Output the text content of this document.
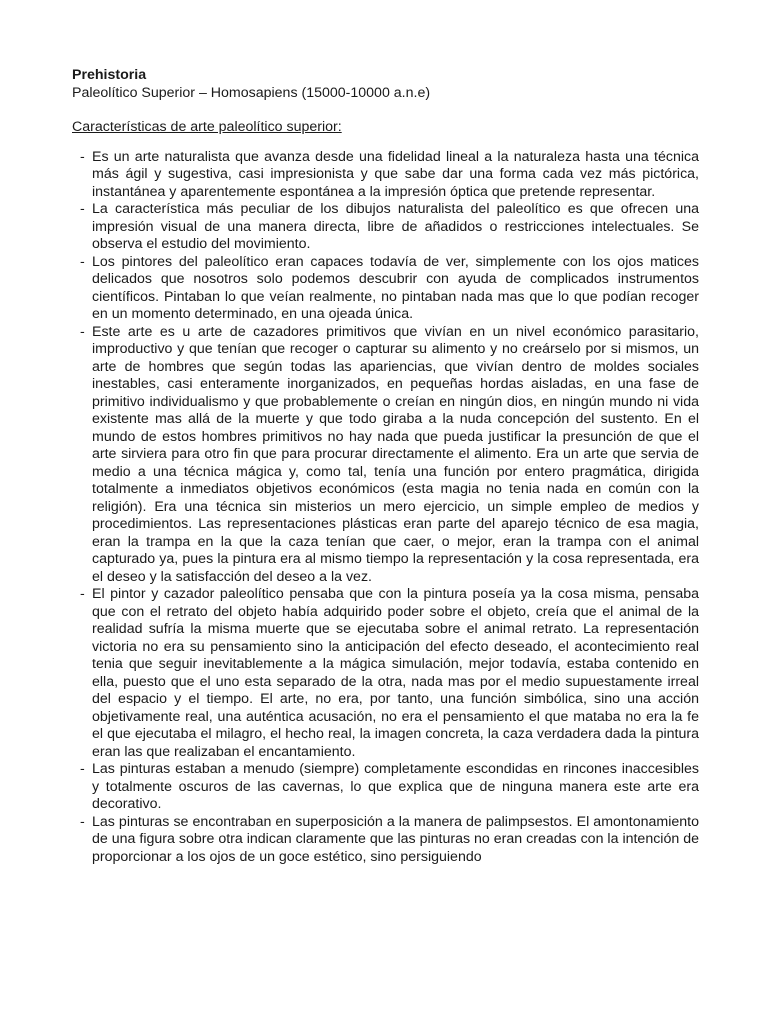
Prehistoria

Paleolítico Superior – Homosapiens (15000-10000 a.n.e)

Características de arte paleolítico superior:

- Es un arte naturalista que avanza desde una fidelidad lineal a la naturaleza hasta una técnica más ágil y sugestiva, casi impresionista y que sabe dar una forma cada vez más pictórica, instantánea y aparentemente espontánea a la impresión óptica que pretende representar.
- La característica más peculiar de los dibujos naturalista del paleolítico es que ofrecen una impresión visual de una manera directa, libre de añadidos o restricciones intelectuales. Se observa el estudio del movimiento.
- Los pintores del paleolítico eran capaces todavía de ver, simplemente con los ojos matices delicados que nosotros solo podemos descubrir con ayuda de complicados instrumentos científicos. Pintaban lo que veían realmente, no pintaban nada mas que lo que podían recoger en un momento determinado, en una ojeada única.
- Este arte es u arte de cazadores primitivos que vivían en un nivel económico parasitario, improductivo y que tenían que recoger o capturar su alimento y no creárselo por si mismos, un arte de hombres que según todas las apariencias, que vivían dentro de moldes sociales inestables, casi enteramente inorganizados, en pequeñas hordas aisladas, en una fase de primitivo individualismo y que probablemente o creían en ningún dios, en ningún mundo ni vida existente mas allá de la muerte y que todo giraba a la nuda concepción del sustento. En el mundo de estos hombres primitivos no hay nada que pueda justificar la presunción de que el arte sirviera para otro fin que para procurar directamente el alimento. Era un arte que servia de medio a una técnica mágica y, como tal, tenía una función por entero pragmática, dirigida totalmente a inmediatos objetivos económicos (esta magia no tenia nada en común con la religión). Era una técnica sin misterios un mero ejercicio, un simple empleo de medios y procedimientos. Las representaciones plásticas eran parte del aparejo técnico de esa magia, eran la trampa en la que la caza tenían que caer, o mejor, eran la trampa con el animal capturado ya, pues la pintura era al mismo tiempo la representación y la cosa representada, era el deseo y la satisfacción del deseo a la vez.
- El pintor y cazador paleolítico pensaba que con la pintura poseía ya la cosa misma, pensaba que con el retrato del objeto había adquirido poder sobre el objeto, creía que el animal de la realidad sufría la misma muerte que se ejecutaba sobre el animal retrato. La representación victoria no era su pensamiento sino la anticipación del efecto deseado, el acontecimiento real tenia que seguir inevitablemente a la mágica simulación, mejor todavía, estaba contenido en ella, puesto que el uno esta separado de la otra, nada mas por el medio supuestamente irreal del espacio y el tiempo. El arte, no era, por tanto, una función simbólica, sino una acción objetivamente real, una auténtica acusación, no era el pensamiento el que mataba no era la fe el que ejecutaba el milagro, el hecho real, la imagen concreta, la caza verdadera dada la pintura eran las que realizaban el encantamiento.
- Las pinturas estaban a menudo (siempre) completamente escondidas en rincones inaccesibles y totalmente oscuros de las cavernas, lo que explica que de ninguna manera este arte era decorativo.
- Las pinturas se encontraban en superposición a la manera de palimpsestos. El amontonamiento de una figura sobre otra indican claramente que las pinturas no eran creadas con la intención de proporcionar a los ojos de un goce estético, sino persiguiendo
